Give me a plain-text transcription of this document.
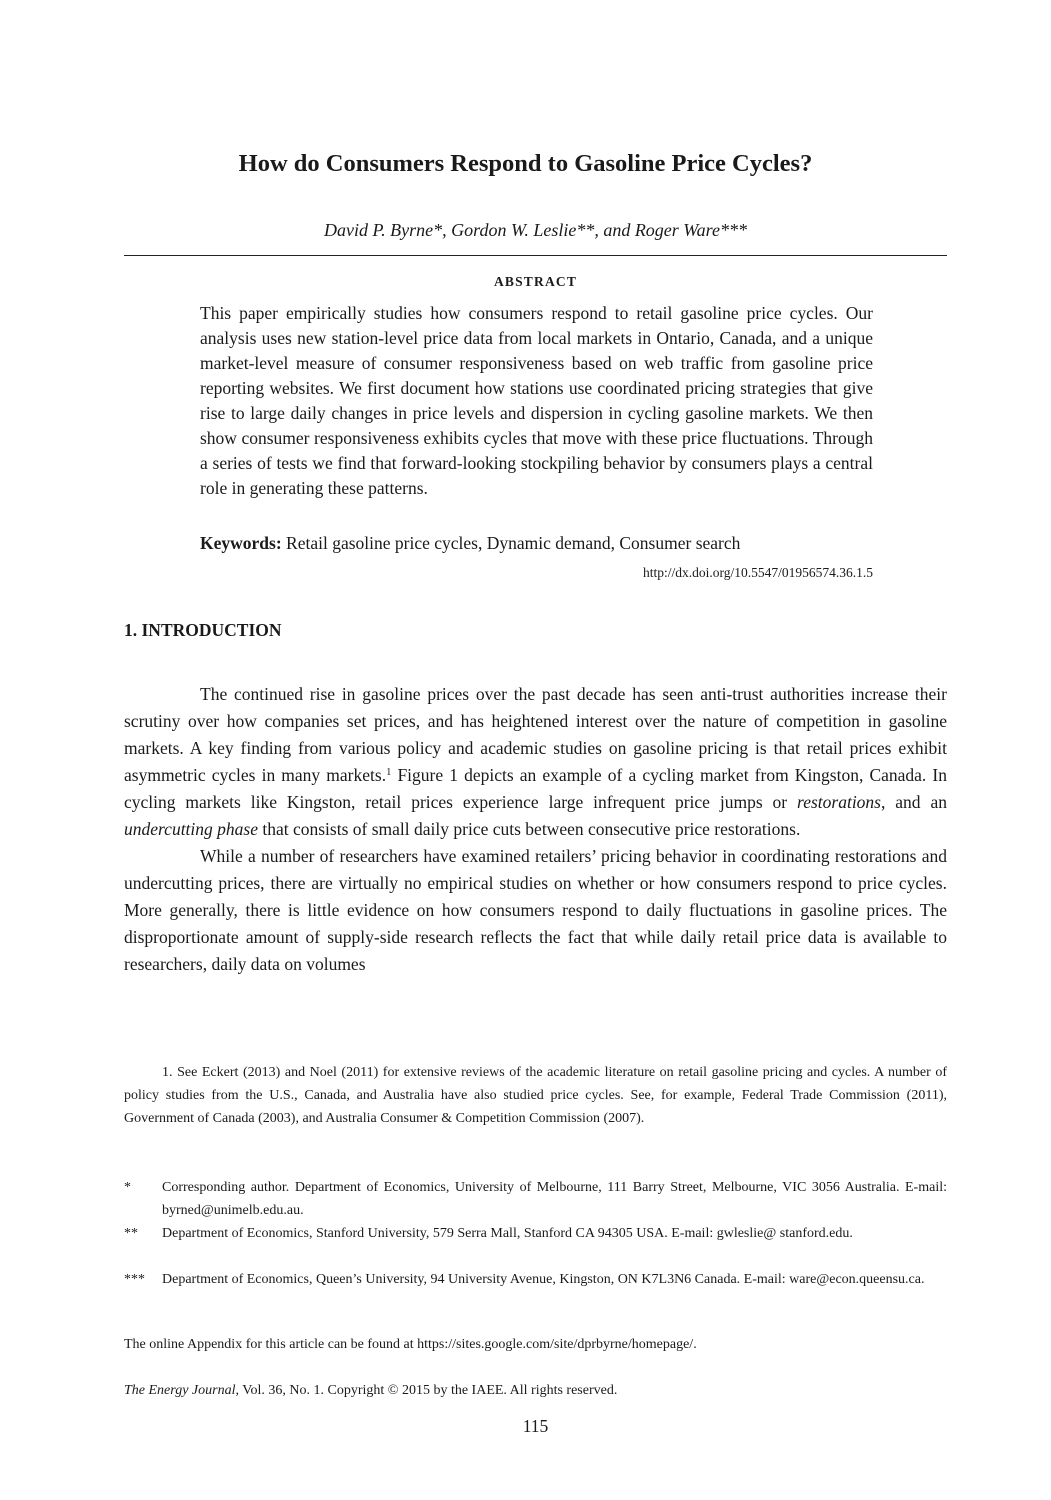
How do Consumers Respond to Gasoline Price Cycles?
David P. Byrne*, Gordon W. Leslie**, and Roger Ware***
ABSTRACT

This paper empirically studies how consumers respond to retail gasoline price cycles. Our analysis uses new station-level price data from local markets in Ontario, Canada, and a unique market-level measure of consumer responsiveness based on web traffic from gasoline price reporting websites. We first document how stations use coordinated pricing strategies that give rise to large daily changes in price levels and dispersion in cycling gasoline markets. We then show consumer responsiveness exhibits cycles that move with these price fluctuations. Through a series of tests we find that forward-looking stockpiling behavior by consumers plays a central role in generating these patterns.

Keywords: Retail gasoline price cycles, Dynamic demand, Consumer search
http://dx.doi.org/10.5547/01956574.36.1.5
1. INTRODUCTION

The continued rise in gasoline prices over the past decade has seen anti-trust authorities increase their scrutiny over how companies set prices, and has heightened interest over the nature of competition in gasoline markets. A key finding from various policy and academic studies on gasoline pricing is that retail prices exhibit asymmetric cycles in many markets.$^1$ Figure 1 depicts an example of a cycling market from Kingston, Canada. In cycling markets like Kingston, retail prices experience large infrequent price jumps or restorations, and an undercutting phase that consists of small daily price cuts between consecutive price restorations.

While a number of researchers have examined retailers’ pricing behavior in coordinating restorations and undercutting prices, there are virtually no empirical studies on whether or how consumers respond to price cycles. More generally, there is little evidence on how consumers respond to daily fluctuations in gasoline prices. The disproportionate amount of supply-side research reflects the fact that while daily retail price data is available to researchers, daily data on volumes

1. See Eckert (2013) and Noel (2011) for extensive reviews of the academic literature on retail gasoline pricing and cycles. A number of policy studies from the U.S., Canada, and Australia have also studied price cycles. See, for example, Federal Trade Commission (2011), Government of Canada (2003), and Australia Consumer & Competition Commission (2007).

* Corresponding author. Department of Economics, University of Melbourne, 111 Barry Street, Melbourne, VIC 3056 Australia. E-mail: byrned@unimelb.edu.au.
** Department of Economics, Stanford University, 579 Serra Mall, Stanford CA 94305 USA. E-mail: gwleslie@ stanford.edu.
*** Department of Economics, Queen’s University, 94 University Avenue, Kingston, ON K7L3N6 Canada. E-mail: ware@econ.queensu.ca.
The online Appendix for this article can be found at https://sites.google.com/site/dprbyrne/homepage/.
The Energy Journal, Vol. 36, No. 1. Copyright © 2015 by the IAEE. All rights reserved.
115
